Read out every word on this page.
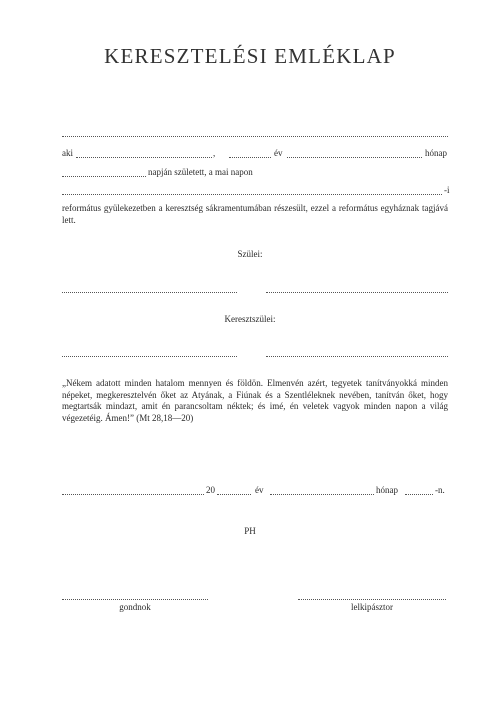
KERESZTELÉSI EMLÉKLAP
aki	,	év	hónap
napján született, a mai napon
-i
református gyülekezetben a keresztség sákramentumában részesült, ezzel a református egyháznak tagjává lett.
Szülei:
Keresztszülei:
„Nékem adatott minden hatalom mennyen és földön. Elmenvén azért, tegyetek tanítványokká minden népeket, megkeresztelvén őket az Atyának, a Fiúnak és a Szentléleknek nevében, tanítván őket, hogy megtartsák mindazt, amit én parancsoltam néktek; és imé, én veletek vagyok minden napon a világ végezetéig. Ámen!” (Mt 28,18—20)
20	év	hónap	-n.
PH
gondnok	lelkipásztor
